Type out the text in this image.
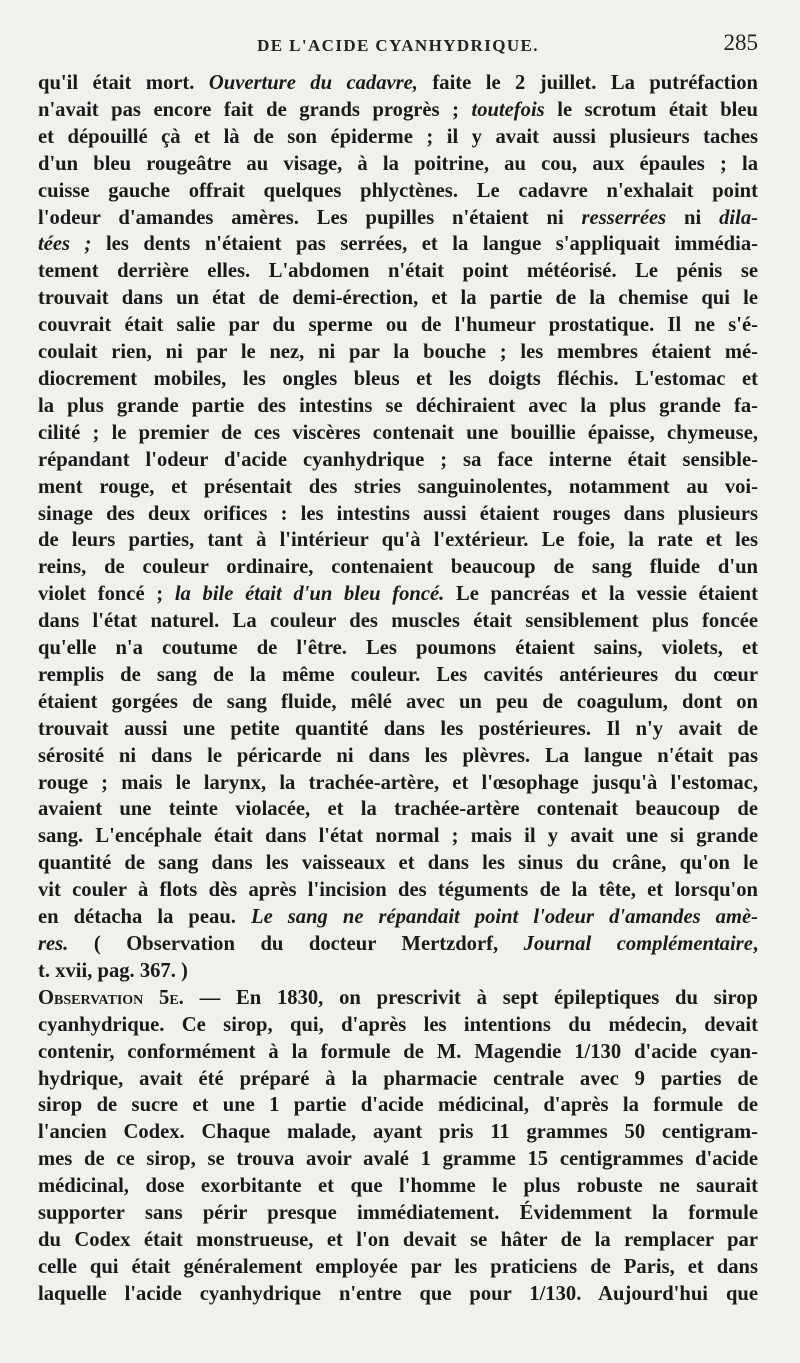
DE L'ACIDE CYANHYDRIQUE.	285
qu'il était mort. Ouverture du cadavre, faite le 2 juillet. La putréfaction
n'avait pas encore fait de grands progrès ; toutefois le scrotum était bleu
et dépouillé çà et là de son épiderme ; il y avait aussi plusieurs taches
d'un bleu rougeâtre au visage, à la poitrine, au cou, aux épaules ; la
cuisse gauche offrait quelques phlyctènes. Le cadavre n'exhalait point
l'odeur d'amandes amères. Les pupilles n'étaient ni resserrées ni dila-
tées ; les dents n'étaient pas serrées, et la langue s'appliquait immédia-
tement derrière elles. L'abdomen n'était point météorisé. Le pénis se
trouvait dans un état de demi-érection, et la partie de la chemise qui le
couvrait était salie par du sperme ou de l'humeur prostatique. Il ne s'é-
coulait rien, ni par le nez, ni par la bouche ; les membres étaient mé-
diocrement mobiles, les ongles bleus et les doigts fléchis. L'estomac et
la plus grande partie des intestins se déchiraient avec la plus grande fa-
cilité ; le premier de ces viscères contenait une bouillie épaisse, chymeuse,
répandant l'odeur d'acide cyanhydrique ; sa face interne était sensible-
ment rouge, et présentait des stries sanguinolentes, notamment au voi-
sinage des deux orifices : les intestins aussi étaient rouges dans plusieurs
de leurs parties, tant à l'intérieur qu'à l'extérieur. Le foie, la rate et les
reins, de couleur ordinaire, contenaient beaucoup de sang fluide d'un
violet foncé ; la bile était d'un bleu foncé. Le pancréas et la vessie étaient
dans l'état naturel. La couleur des muscles était sensiblement plus foncée
qu'elle n'a coutume de l'être. Les poumons étaient sains, violets, et
remplis de sang de la même couleur. Les cavités antérieures du cœur
étaient gorgées de sang fluide, mêlé avec un peu de coagulum, dont on
trouvait aussi une petite quantité dans les postérieures. Il n'y avait de
sérosité ni dans le péricarde ni dans les plèvres. La langue n'était pas
rouge ; mais le larynx, la trachée-artère, et l'œsophage jusqu'à l'estomac,
avaient une teinte violacée, et la trachée-artère contenait beaucoup de
sang. L'encéphale était dans l'état normal ; mais il y avait une si grande
quantité de sang dans les vaisseaux et dans les sinus du crâne, qu'on le
vit couler à flots dès après l'incision des téguments de la tête, et lorsqu'on
en détacha la peau. Le sang ne répandait point l'odeur d'amandes amè-
res. ( Observation du docteur Mertzdorf, Journal complémentaire,
t. xvii, pag. 367. )
Observation 5e. — En 1830, on prescrivit à sept épileptiques du sirop
cyanhydrique. Ce sirop, qui, d'après les intentions du médecin, devait
contenir, conformément à la formule de M. Magendie 1/130 d'acide cyan-
hydrique, avait été préparé à la pharmacie centrale avec 9 parties de
sirop de sucre et une 1 partie d'acide médicinal, d'après la formule de
l'ancien Codex. Chaque malade, ayant pris 11 grammes 50 centigram-
mes de ce sirop, se trouva avoir avalé 1 gramme 15 centigrammes d'acide
médicinal, dose exorbitante et que l'homme le plus robuste ne saurait
supporter sans périr presque immédiatement. Évidemment la formule
du Codex était monstrueuse, et l'on devait se hâter de la remplacer par
celle qui était généralement employée par les praticiens de Paris, et dans
laquelle l'acide cyanhydrique n'entre que pour 1/130. Aujourd'hui que
